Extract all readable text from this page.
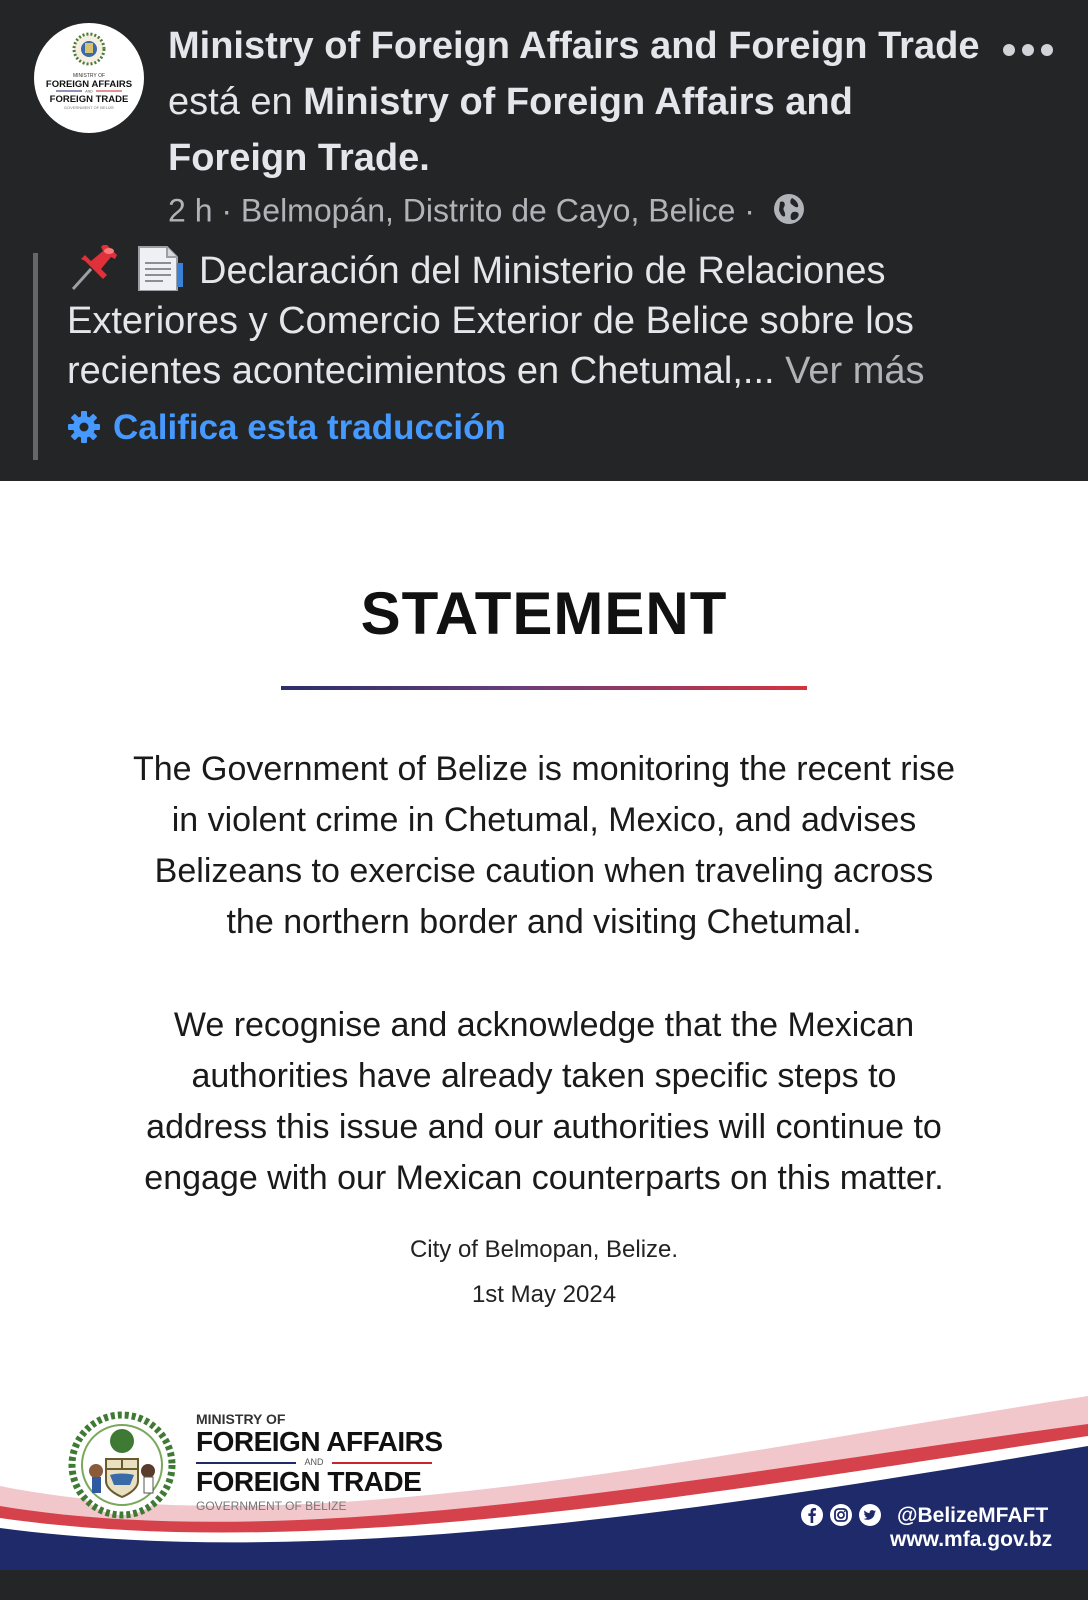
MINISTRY OF
FOREIGN AFFAIRS
AND
FOREIGN TRADE
GOVERNMENT OF BELIZE
Ministry of Foreign Affairs and Foreign Trade está en Ministry of Foreign Affairs and Foreign Trade.
2 h · Belmopán, Distrito de Cayo, Belice ·
Declaración del Ministerio de Relaciones Exteriores y Comercio Exterior de Belice sobre los recientes acontecimientos en Chetumal,... Ver más
Califica esta traducción
STATEMENT
The Government of Belize is monitoring the recent rise
in violent crime in Chetumal, Mexico, and advises
Belizeans to exercise caution when traveling across
the northern border and visiting Chetumal.
We recognise and acknowledge that the Mexican
authorities have already taken specific steps to
address this issue and our authorities will continue to
engage with our Mexican counterparts on this matter.
City of Belmopan, Belize.
1st May 2024
MINISTRY OF
FOREIGN AFFAIRS
AND
FOREIGN TRADE
GOVERNMENT OF BELIZE	@BelizeMFAFT
www.mfa.gov.bz
